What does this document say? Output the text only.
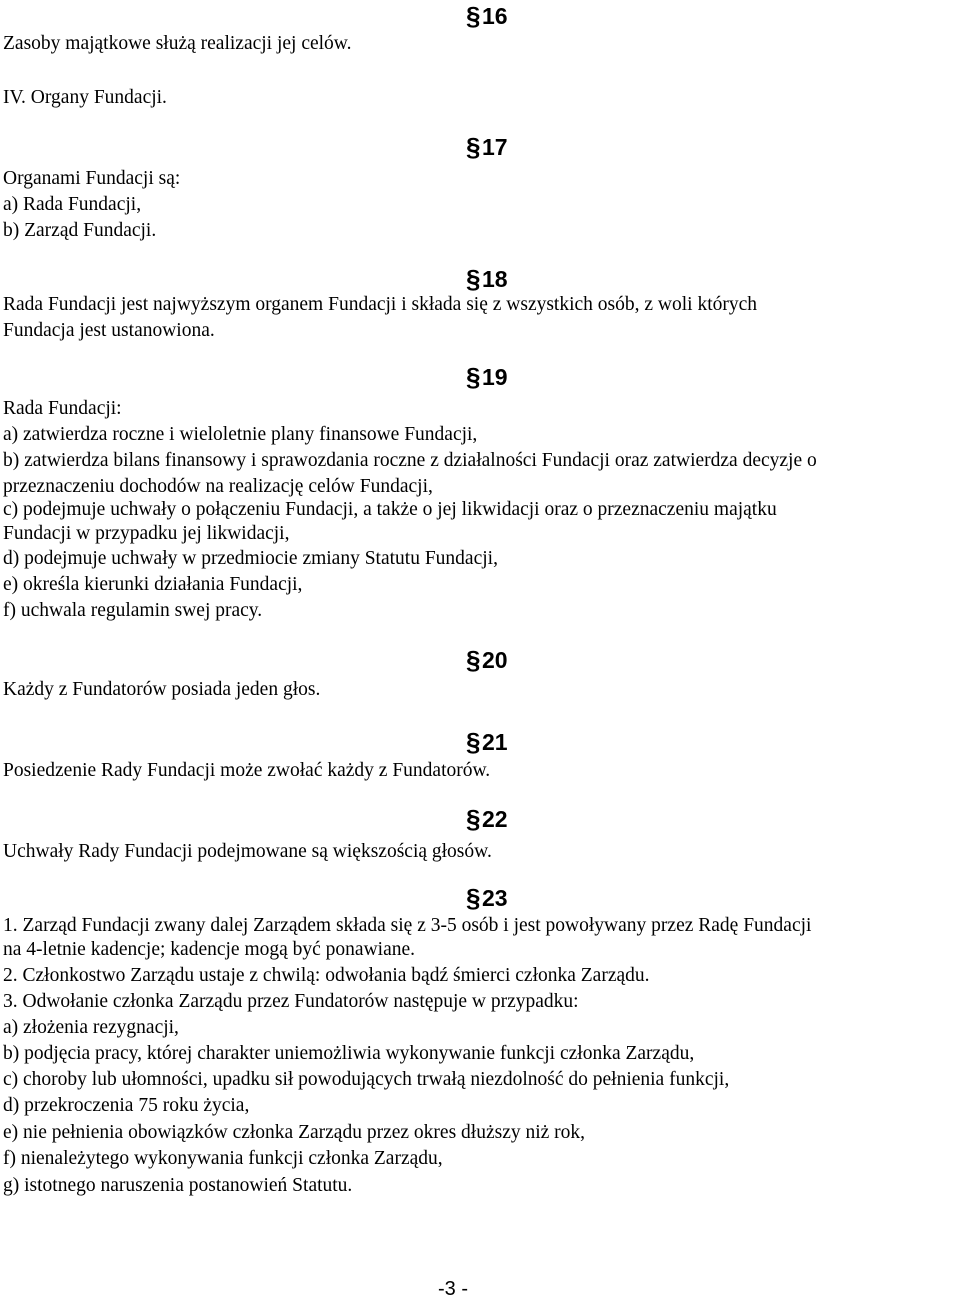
§ 16
§ 17
§ 18
§ 19
§ 20
§ 21
§ 22
§ 23

Zasoby majątkowe służą realizacji jej celów.

IV. Organy Fundacji.

Organami Fundacji są:

a) Rada Fundacji,

b) Zarząd Fundacji.

Rada Fundacji jest najwyższym organem Fundacji i składa się z wszystkich osób, z woli których

Fundacja jest ustanowiona.

Rada Fundacji:

a) zatwierdza roczne i wieloletnie plany finansowe Fundacji,

b) zatwierdza bilans finansowy i sprawozdania roczne z działalności Fundacji oraz zatwierdza decyzje o

przeznaczeniu dochodów na realizację celów Fundacji,

c) podejmuje uchwały o połączeniu Fundacji, a także o jej likwidacji oraz o przeznaczeniu majątku

Fundacji w przypadku jej likwidacji,

d) podejmuje uchwały w przedmiocie zmiany Statutu Fundacji,

e) określa kierunki działania Fundacji,

f) uchwala regulamin swej pracy.

Każdy z Fundatorów posiada jeden głos.

Posiedzenie Rady Fundacji może zwołać każdy z Fundatorów.

Uchwały Rady Fundacji podejmowane są większością głosów.

1. Zarząd Fundacji zwany dalej Zarządem składa się z 3-5 osób i jest powoływany przez Radę Fundacji

na 4-letnie kadencje; kadencje mogą być ponawiane.

2. Członkostwo Zarządu ustaje z chwilą: odwołania bądź śmierci członka Zarządu.

3. Odwołanie członka Zarządu przez Fundatorów następuje w przypadku:

a) złożenia rezygnacji,

b) podjęcia pracy, której charakter uniemożliwia wykonywanie funkcji członka Zarządu,

c) choroby lub ułomności, upadku sił powodujących trwałą niezdolność do pełnienia funkcji,

d) przekroczenia 75 roku życia,

e) nie pełnienia obowiązków członka Zarządu przez okres dłuższy niż rok,

f) nienależytego wykonywania funkcji członka Zarządu,

g) istotnego naruszenia postanowień Statutu.

-3 -
